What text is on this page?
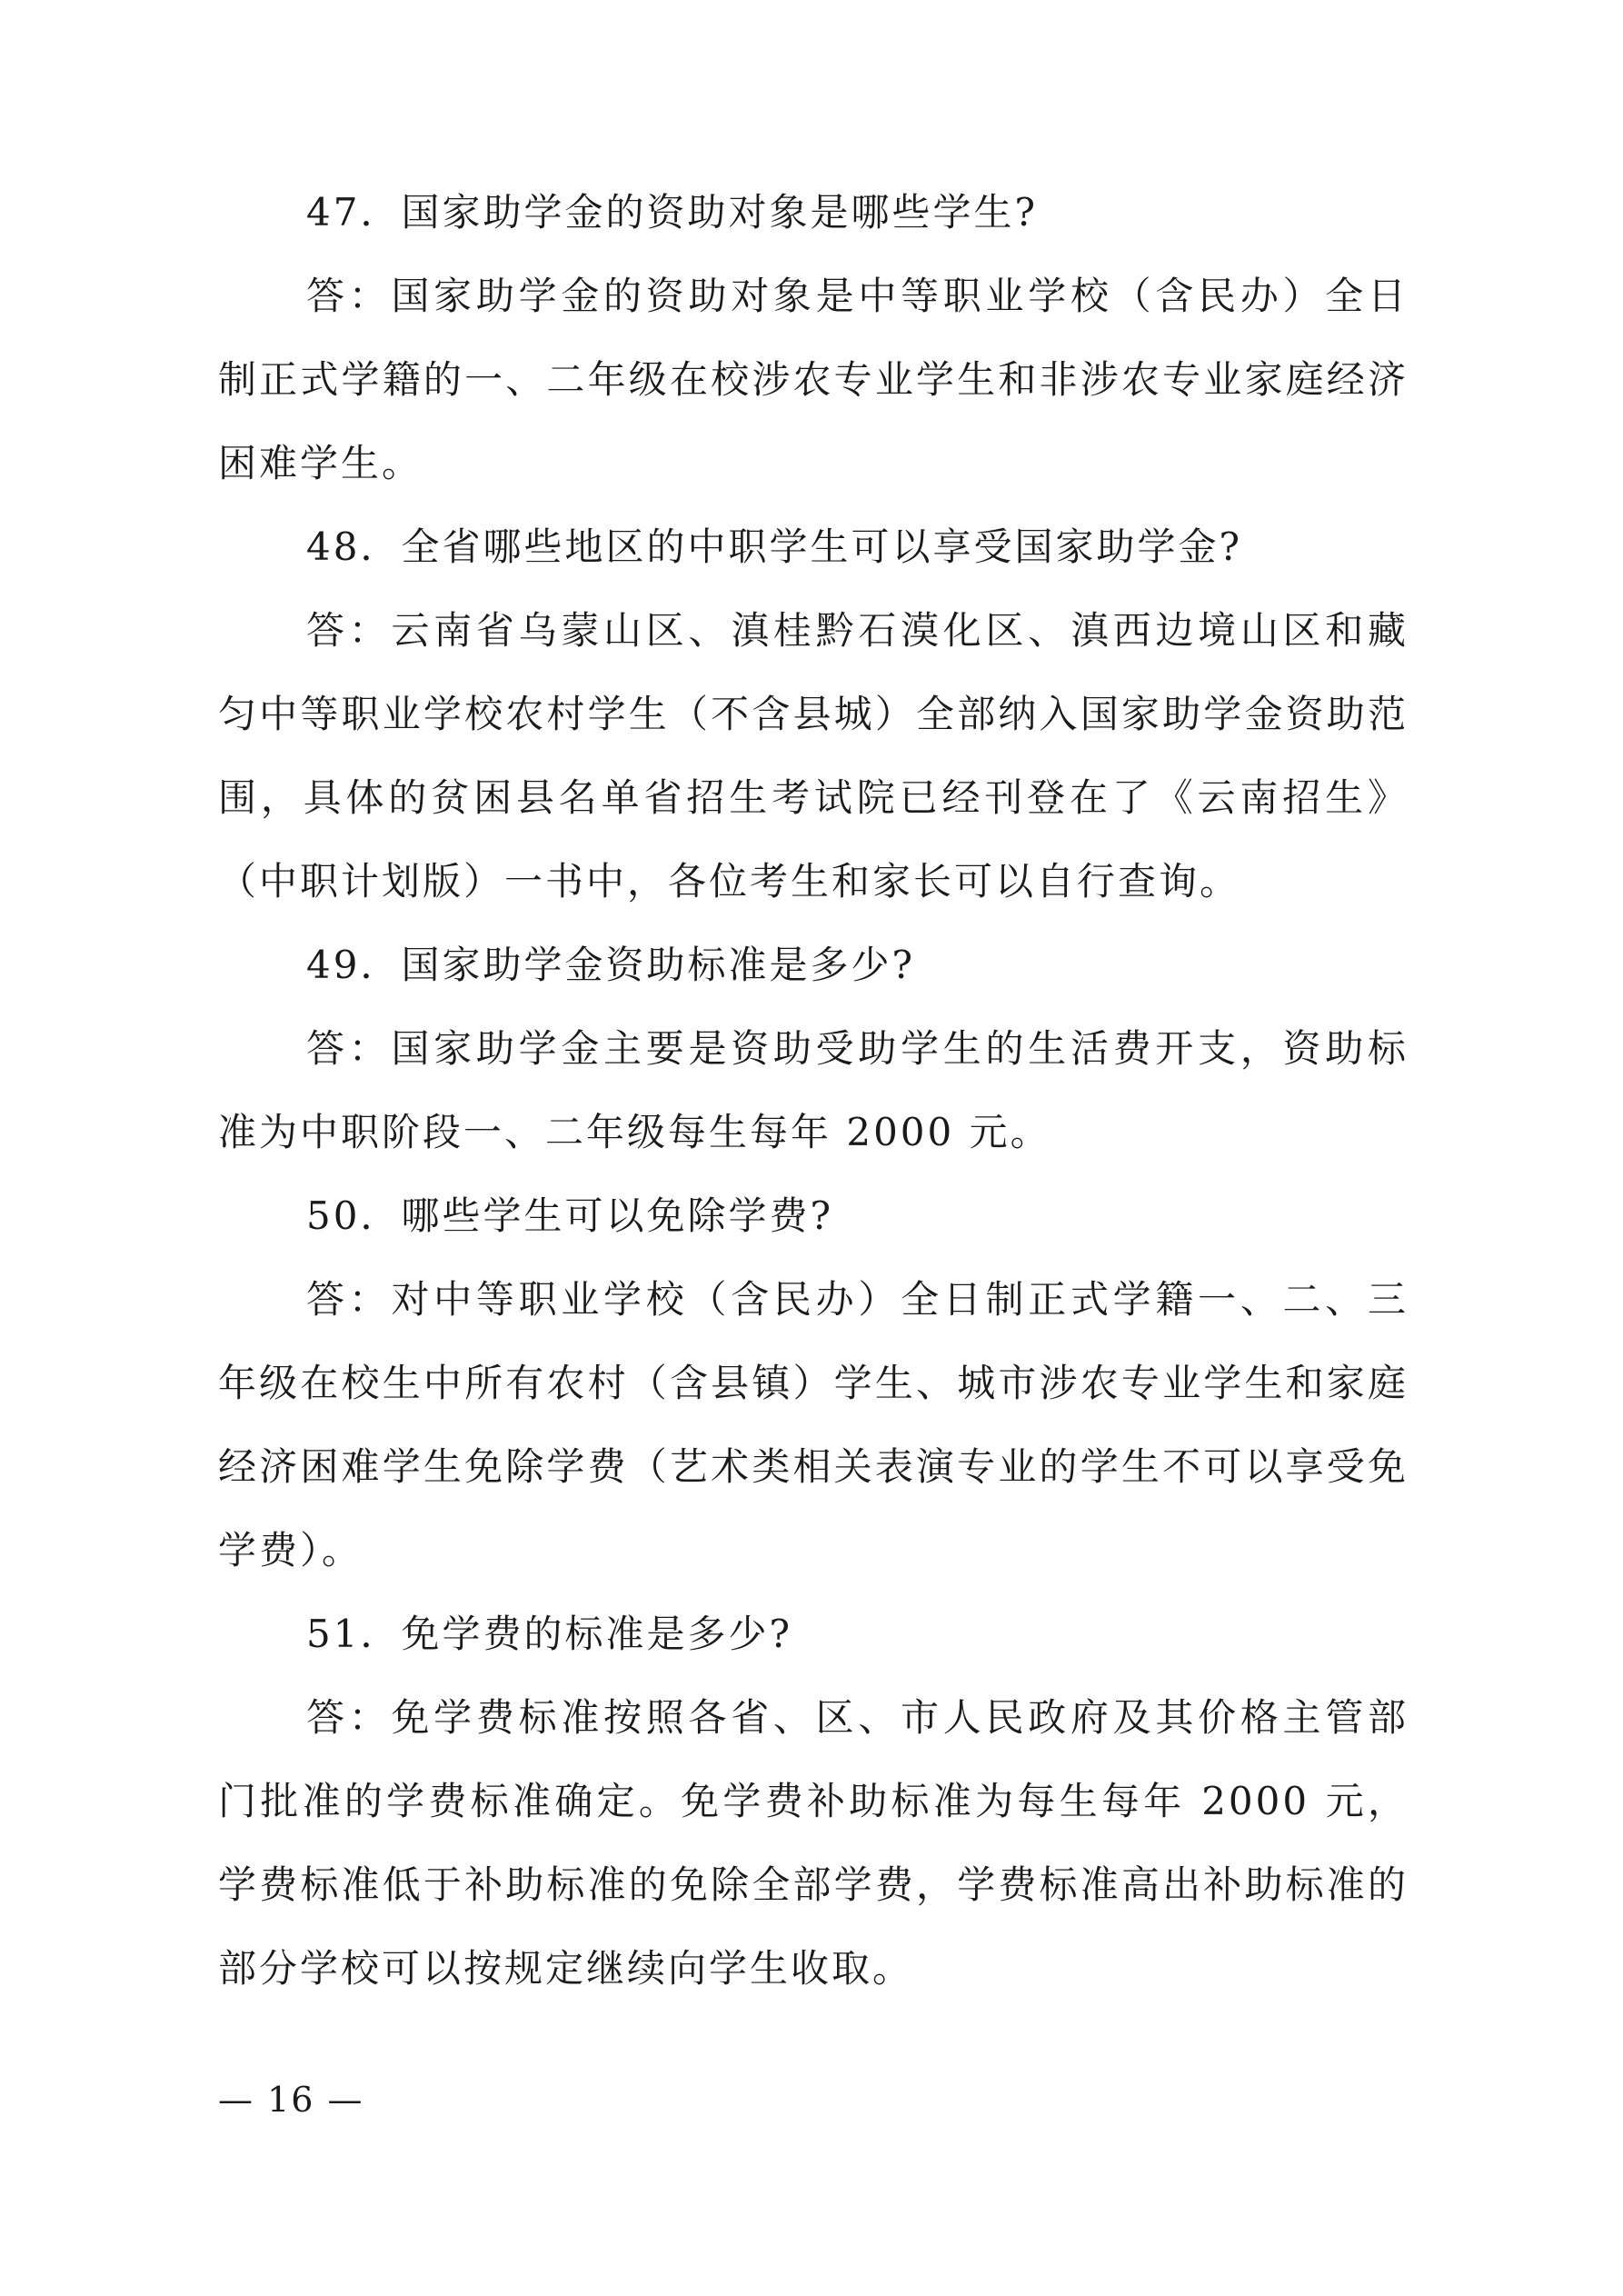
47．国家助学金的资助对象是哪些学生?

答：国家助学金的资助对象是中等职业学校（含民办）全日制正式学籍的一、二年级在校涉农专业学生和非涉农专业家庭经济困难学生。

48．全省哪些地区的中职学生可以享受国家助学金?

答：云南省乌蒙山区、滇桂黔石漠化区、滇西边境山区和藏匀中等职业学校农村学生（不含县城）全部纳入国家助学金资助范围，具体的贫困县名单省招生考试院已经刊登在了《云南招生》（中职计划版）一书中，各位考生和家长可以自行查询。

49．国家助学金资助标准是多少?

答：国家助学金主要是资助受助学生的生活费开支，资助标准为中职阶段一、二年级每生每年 2000 元。

50．哪些学生可以免除学费?

答：对中等职业学校（含民办）全日制正式学籍一、二、三年级在校生中所有农村（含县镇）学生、城市涉农专业学生和家庭经济困难学生免除学费（艺术类相关表演专业的学生不可以享受免学费）。

51．免学费的标准是多少?

答：免学费标准按照各省、区、市人民政府及其价格主管部门批准的学费标准确定。免学费补助标准为每生每年 2000 元，学费标准低于补助标准的免除全部学费，学费标准高出补助标准的部分学校可以按规定继续向学生收取。

— 16 —
